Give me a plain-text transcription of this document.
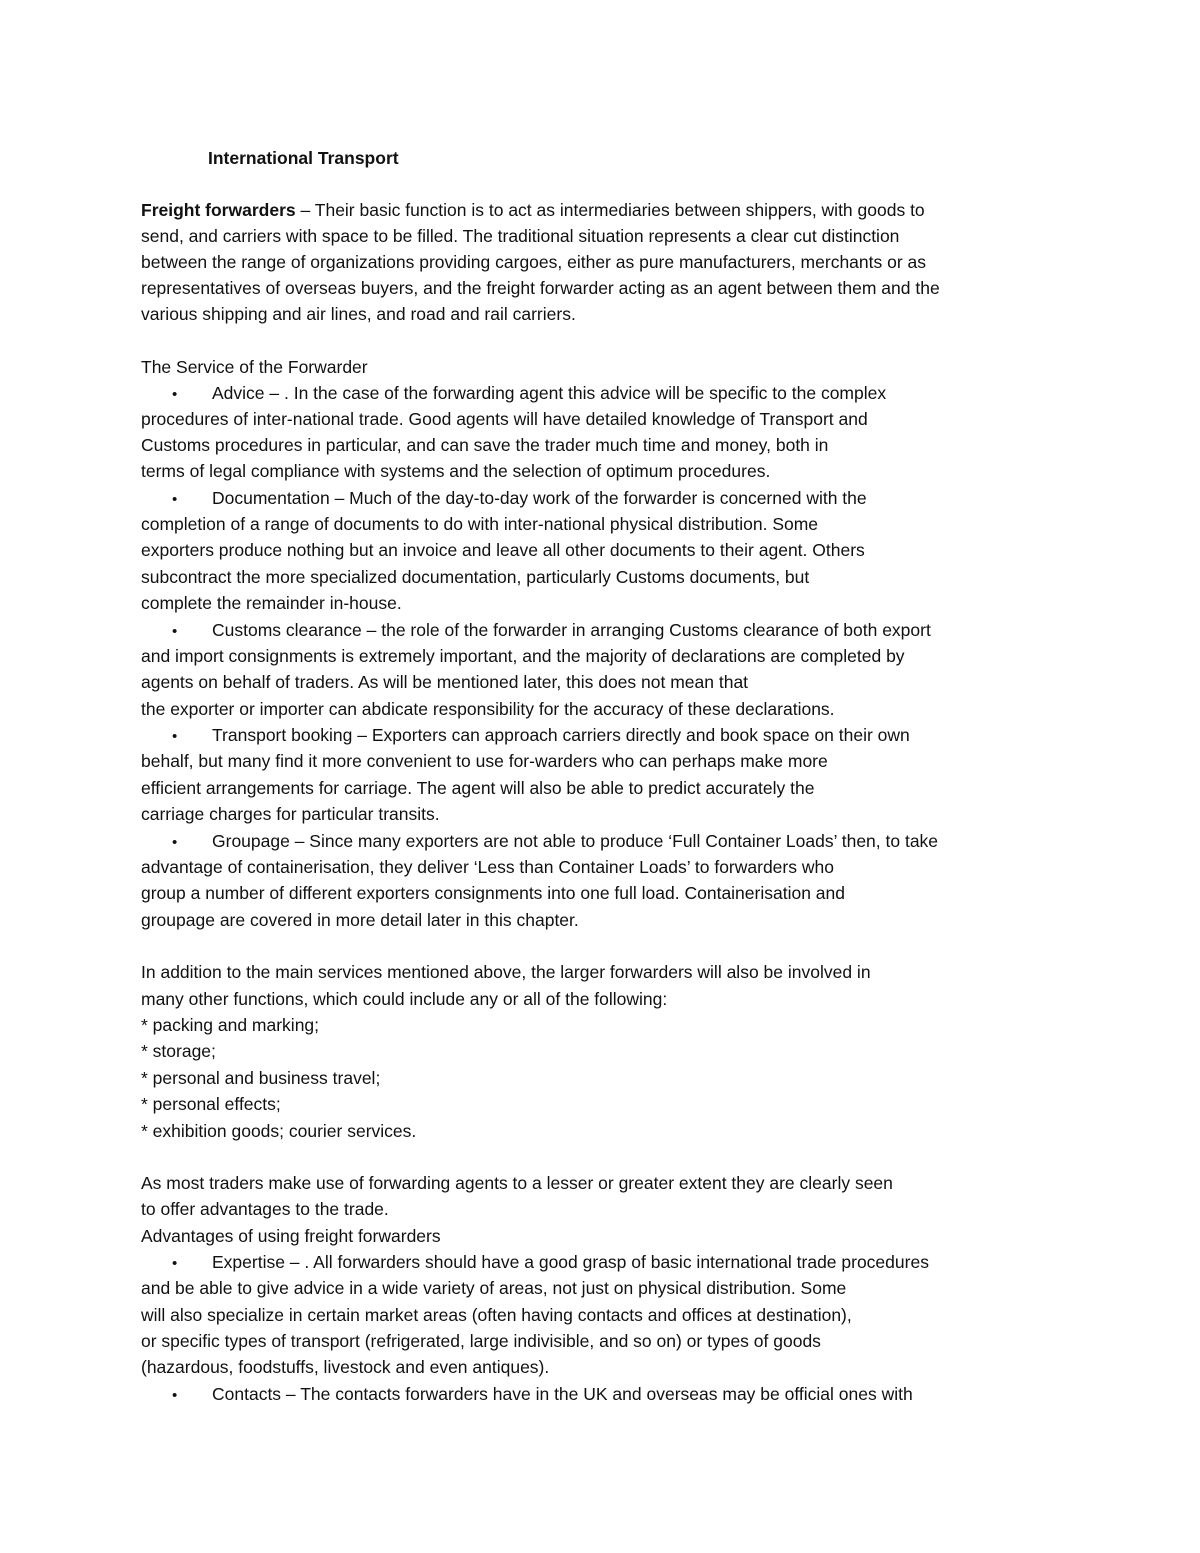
International Transport
Freight forwarders – Their basic function is to act as intermediaries between shippers, with goods to
send, and carriers with space to be filled. The traditional situation represents a clear cut distinction
between the range of organizations providing cargoes, either as pure manufacturers, merchants or as
representatives of overseas buyers, and the freight forwarder acting as an agent between them and the
various shipping and air lines, and road and rail carriers.
The Service of the Forwarder
• Advice – . In the case of the forwarding agent this advice will be specific to the complex
procedures of inter-national trade. Good agents will have detailed knowledge of Transport and
Customs procedures in particular, and can save the trader much time and money, both in
terms of legal compliance with systems and the selection of optimum procedures.
• Documentation – Much of the day-to-day work of the forwarder is concerned with the
completion of a range of documents to do with inter-national physical distribution. Some
exporters produce nothing but an invoice and leave all other documents to their agent. Others
subcontract the more specialized documentation, particularly Customs documents, but
complete the remainder in-house.
• Customs clearance – the role of the forwarder in arranging Customs clearance of both export
and import consignments is extremely important, and the majority of declarations are completed by
agents on behalf of traders. As will be mentioned later, this does not mean that
the exporter or importer can abdicate responsibility for the accuracy of these declarations.
• Transport booking – Exporters can approach carriers directly and book space on their own
behalf, but many find it more convenient to use for-warders who can perhaps make more
efficient arrangements for carriage. The agent will also be able to predict accurately the
carriage charges for particular transits.
• Groupage – Since many exporters are not able to produce ‘Full Container Loads’ then, to take
advantage of containerisation, they deliver ‘Less than Container Loads’ to forwarders who
group a number of different exporters consignments into one full load. Containerisation and
groupage are covered in more detail later in this chapter.
In addition to the main services mentioned above, the larger forwarders will also be involved in
many other functions, which could include any or all of the following:
* packing and marking;
* storage;
* personal and business travel;
* personal effects;
* exhibition goods; courier services.
As most traders make use of forwarding agents to a lesser or greater extent they are clearly seen
to offer advantages to the trade.
Advantages of using freight forwarders
• Expertise – . All forwarders should have a good grasp of basic international trade procedures
and be able to give advice in a wide variety of areas, not just on physical distribution. Some
will also specialize in certain market areas (often having contacts and offices at destination),
or specific types of transport (refrigerated, large indivisible, and so on) or types of goods
(hazardous, foodstuffs, livestock and even antiques).
• Contacts – The contacts forwarders have in the UK and overseas may be official ones with
